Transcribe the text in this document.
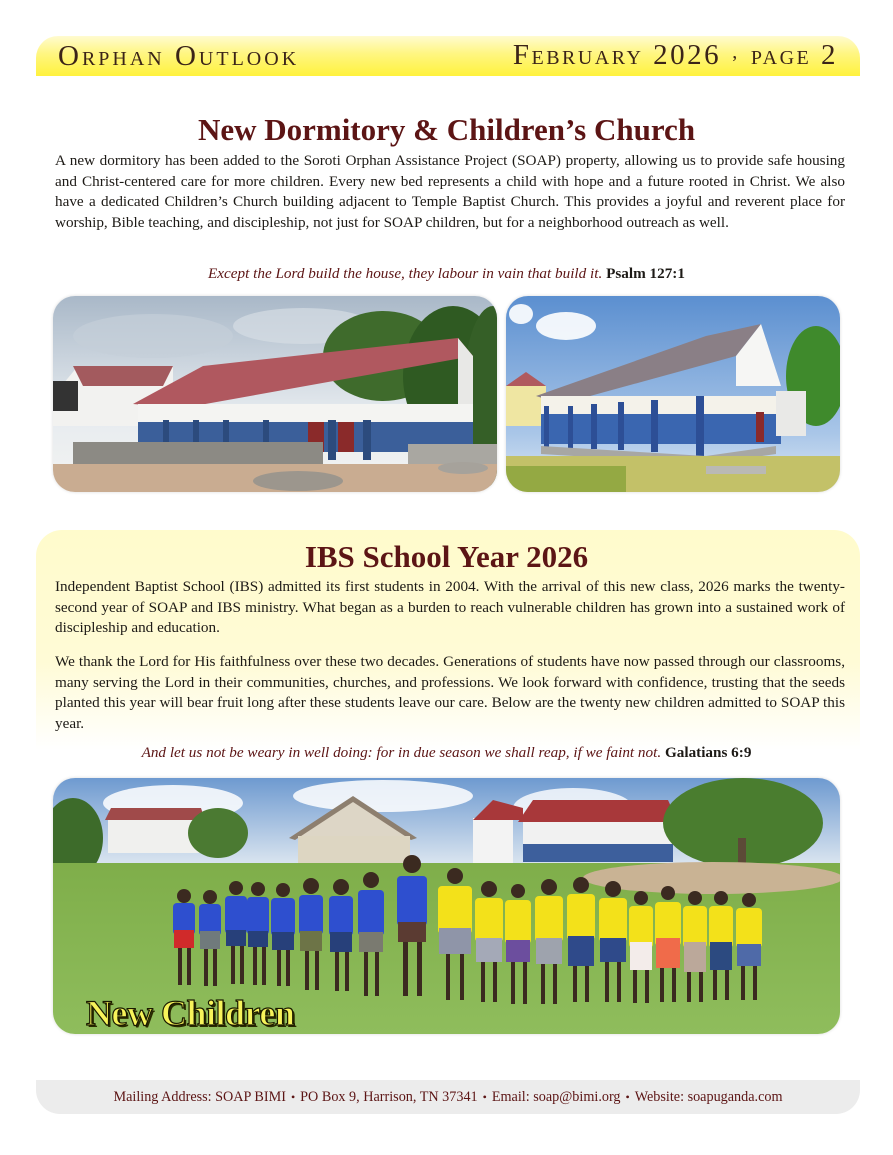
Orphan Outlook	February 2026 ‚ page 2
New Dormitory & Children’s Church

A new dormitory has been added to the Soroti Orphan Assistance Project (SOAP) property, allowing us to provide safe housing and Christ-centered care for more children. Every new bed represents a child with hope and a future rooted in Christ. We also have a dedicated Children’s Church building adjacent to Temple Baptist Church. This provides a joyful and reverent place for worship, Bible teaching, and discipleship, not just for SOAP children, but for a neighborhood outreach as well.

Except the Lord build the house, they labour in vain that build it. Psalm 127:1

IBS School Year 2026

Independent Baptist School (IBS) admitted its first students in 2004. With the arrival of this new class, 2026 marks the twenty-second year of SOAP and IBS ministry. What began as a burden to reach vulnerable children has grown into a sustained work of discipleship and education.

We thank the Lord for His faithfulness over these two decades. Generations of students have now passed through our classrooms, many serving the Lord in their communities, churches, and professions. We look forward with confidence, trusting that the seeds planted this year will bear fruit long after these students leave our care. Below are the twenty new children admitted to SOAP this year.

And let us not be weary in well doing: for in due season we shall reap, if we faint not. Galatians 6:9

New Children
Mailing Address: SOAP BIMI • PO Box 9, Harrison, TN 37341 • Email: soap@bimi.org • Website: soapuganda.com
